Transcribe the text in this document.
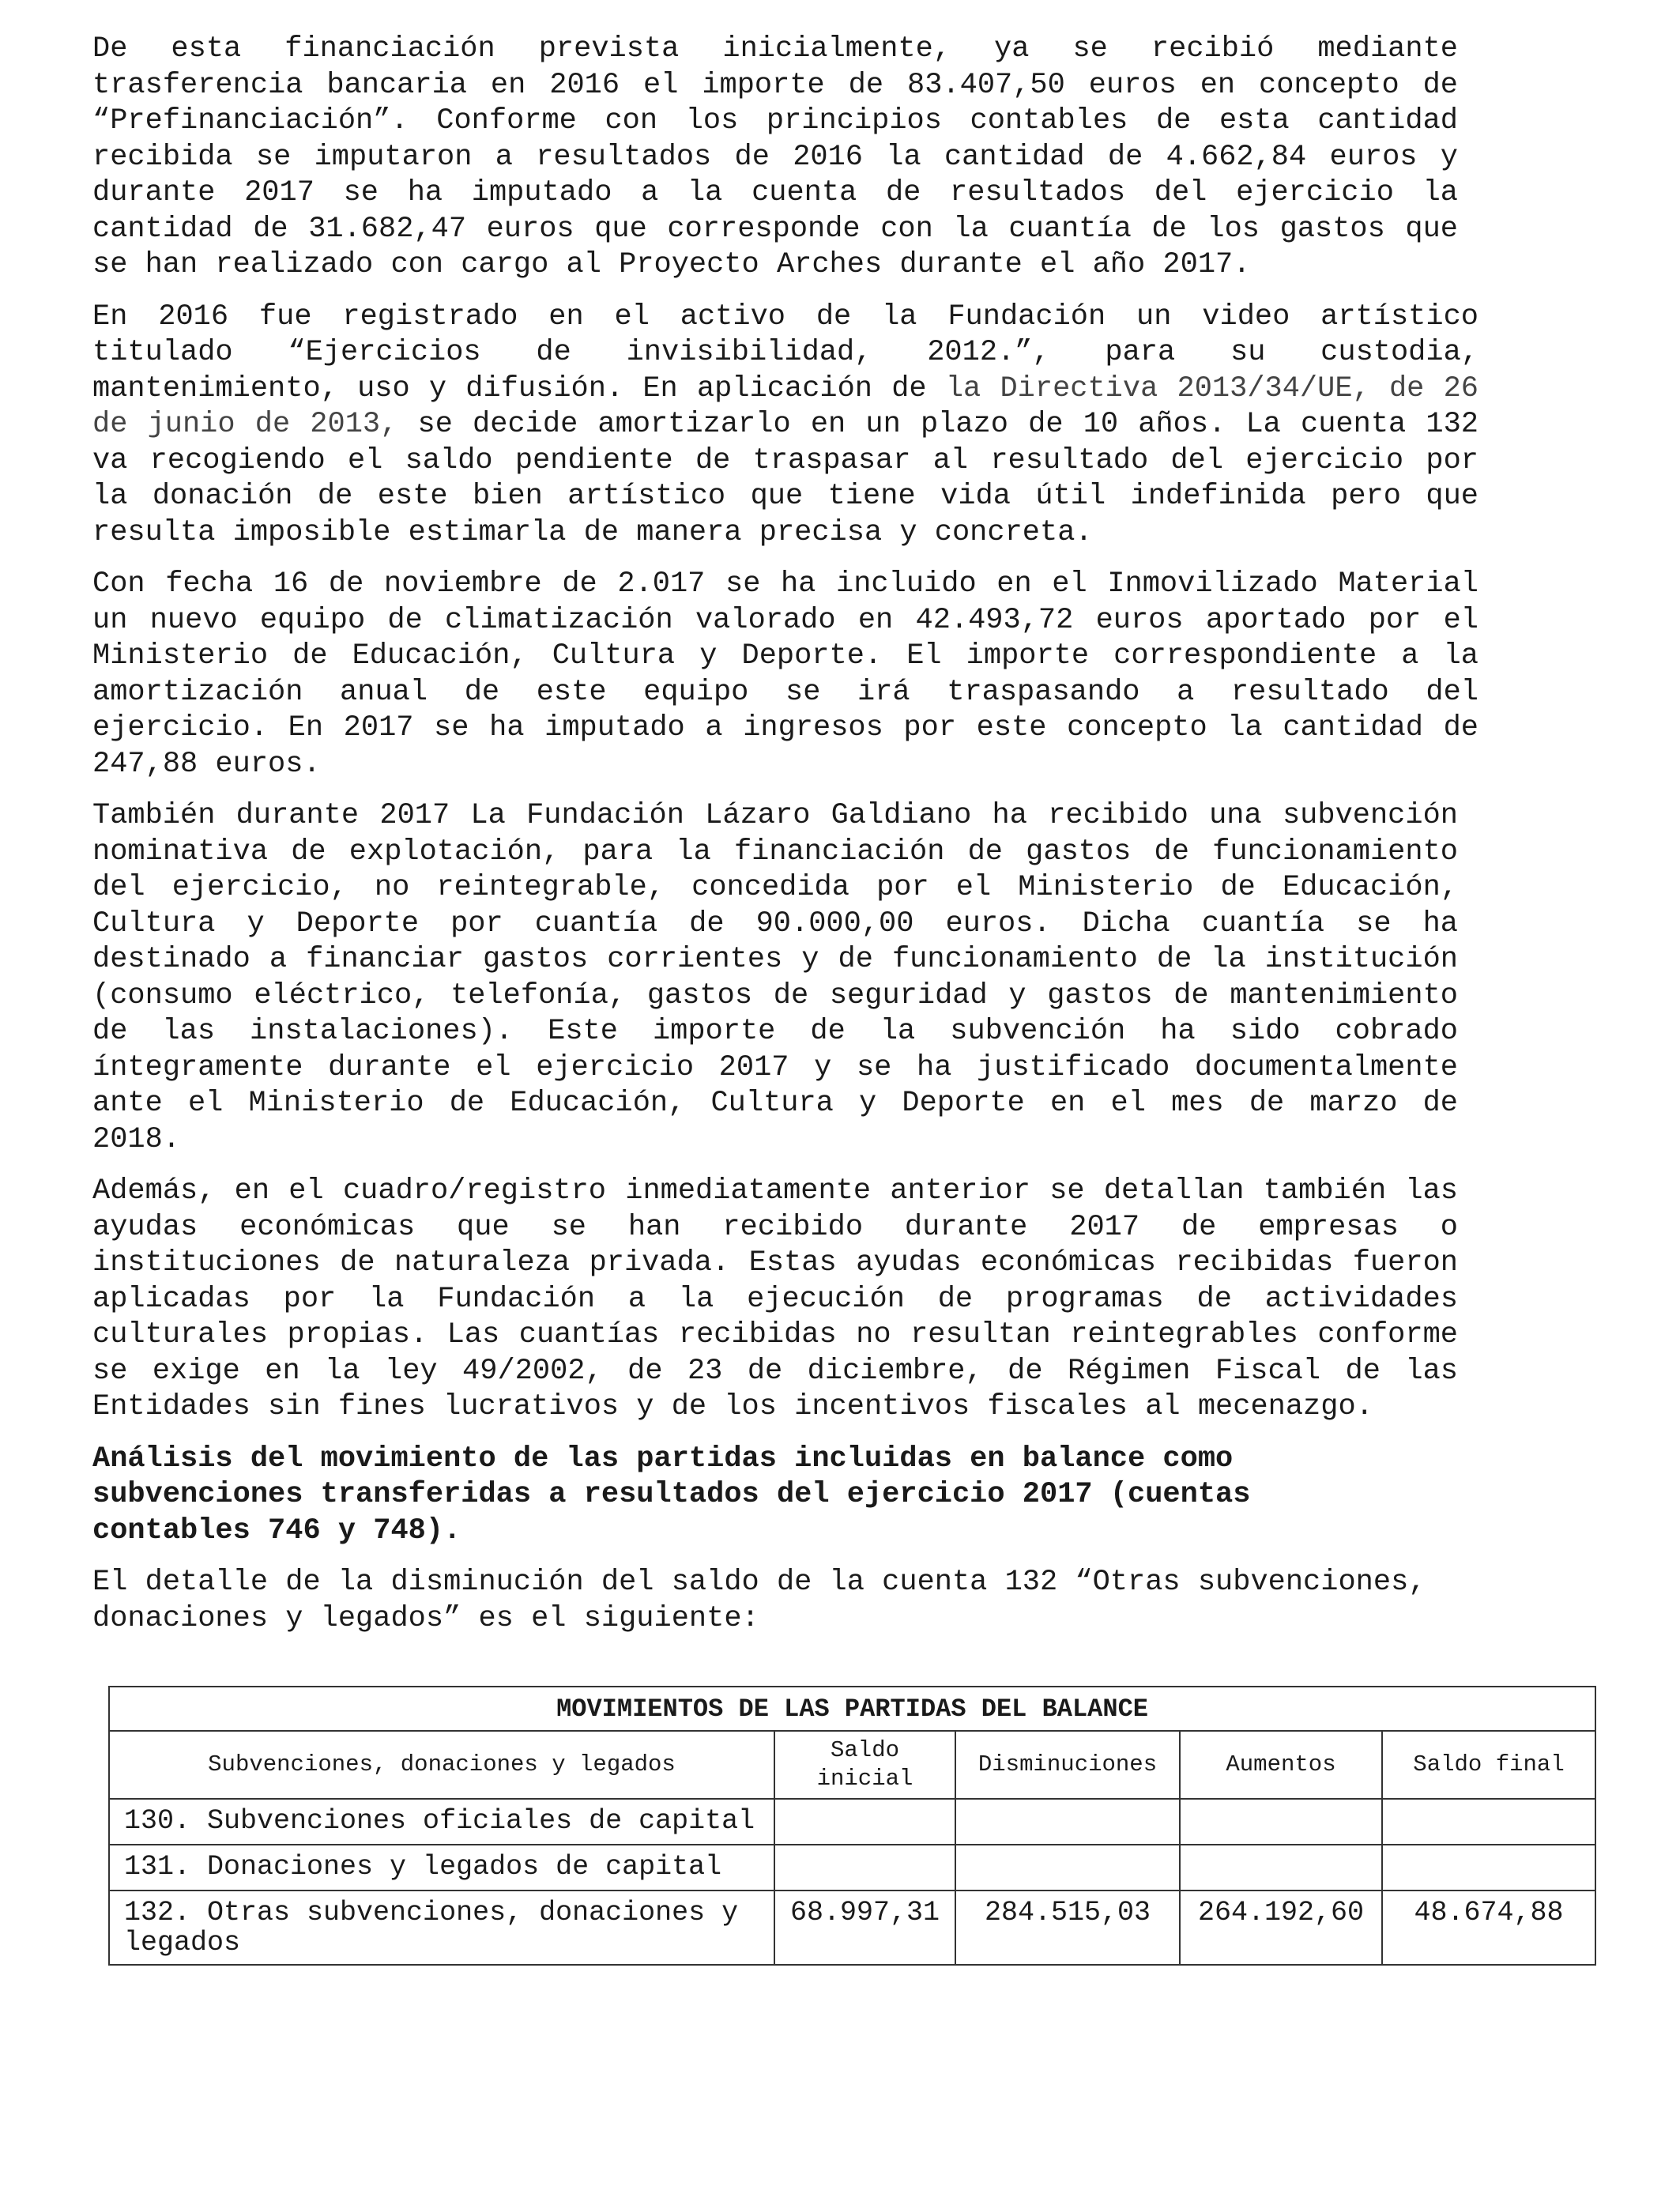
De esta financiación prevista inicialmente, ya se recibió mediante trasferencia bancaria en 2016 el importe de 83.407,50 euros en concepto de “Prefinanciación”. Conforme con los principios contables de esta cantidad recibida se imputaron a resultados de 2016 la cantidad de 4.662,84 euros y durante 2017 se ha imputado a la cuenta de resultados del ejercicio la cantidad de 31.682,47 euros que corresponde con la cuantía de los gastos que se han realizado con cargo al Proyecto Arches durante el año 2017.

En 2016 fue registrado en el activo de la Fundación un video artístico titulado “Ejercicios de invisibilidad, 2012.”, para su custodia, mantenimiento, uso y difusión. En aplicación de la Directiva 2013/34/UE, de 26 de junio de 2013, se decide amortizarlo en un plazo de 10 años. La cuenta 132 va recogiendo el saldo pendiente de traspasar al resultado del ejercicio por la donación de este bien artístico que tiene vida útil indefinida pero que resulta imposible estimarla de manera precisa y concreta.

Con fecha 16 de noviembre de 2.017 se ha incluido en el Inmovilizado Material un nuevo equipo de climatización valorado en 42.493,72 euros aportado por el Ministerio de Educación, Cultura y Deporte. El importe correspondiente a la amortización anual de este equipo se irá traspasando a resultado del ejercicio. En 2017 se ha imputado a ingresos por este concepto la cantidad de 247,88 euros.

También durante 2017 La Fundación Lázaro Galdiano ha recibido una subvención nominativa de explotación, para la financiación de gastos de funcionamiento del ejercicio, no reintegrable, concedida por el Ministerio de Educación, Cultura y Deporte por cuantía de 90.000,00 euros. Dicha cuantía se ha destinado a financiar gastos corrientes y de funcionamiento de la institución (consumo eléctrico, telefonía, gastos de seguridad y gastos de mantenimiento de las instalaciones). Este importe de la subvención ha sido cobrado íntegramente durante el ejercicio 2017 y se ha justificado documentalmente ante el Ministerio de Educación, Cultura y Deporte en el mes de marzo de 2018.

Además, en el cuadro/registro inmediatamente anterior se detallan también las ayudas económicas que se han recibido durante 2017 de empresas o instituciones de naturaleza privada. Estas ayudas económicas recibidas fueron aplicadas por la Fundación a la ejecución de programas de actividades culturales propias. Las cuantías recibidas no resultan reintegrables conforme se exige en la ley 49/2002, de 23 de diciembre, de Régimen Fiscal de las Entidades sin fines lucrativos y de los incentivos fiscales al mecenazgo.

Análisis del movimiento de las partidas incluidas en balance como subvenciones transferidas a resultados del ejercicio 2017 (cuentas contables 746 y 748).

El detalle de la disminución del saldo de la cuenta 132 “Otras subvenciones, donaciones y legados” es el siguiente:

MOVIMIENTOS DE LAS PARTIDAS DEL BALANCE				
Subvenciones, donaciones y legados	Saldo inicial	Disminuciones	Aumentos	Saldo final
130. Subvenciones oficiales de capital				
131. Donaciones y legados de capital				
132. Otras subvenciones, donaciones y legados	68.997,31	284.515,03	264.192,60	48.674,88
